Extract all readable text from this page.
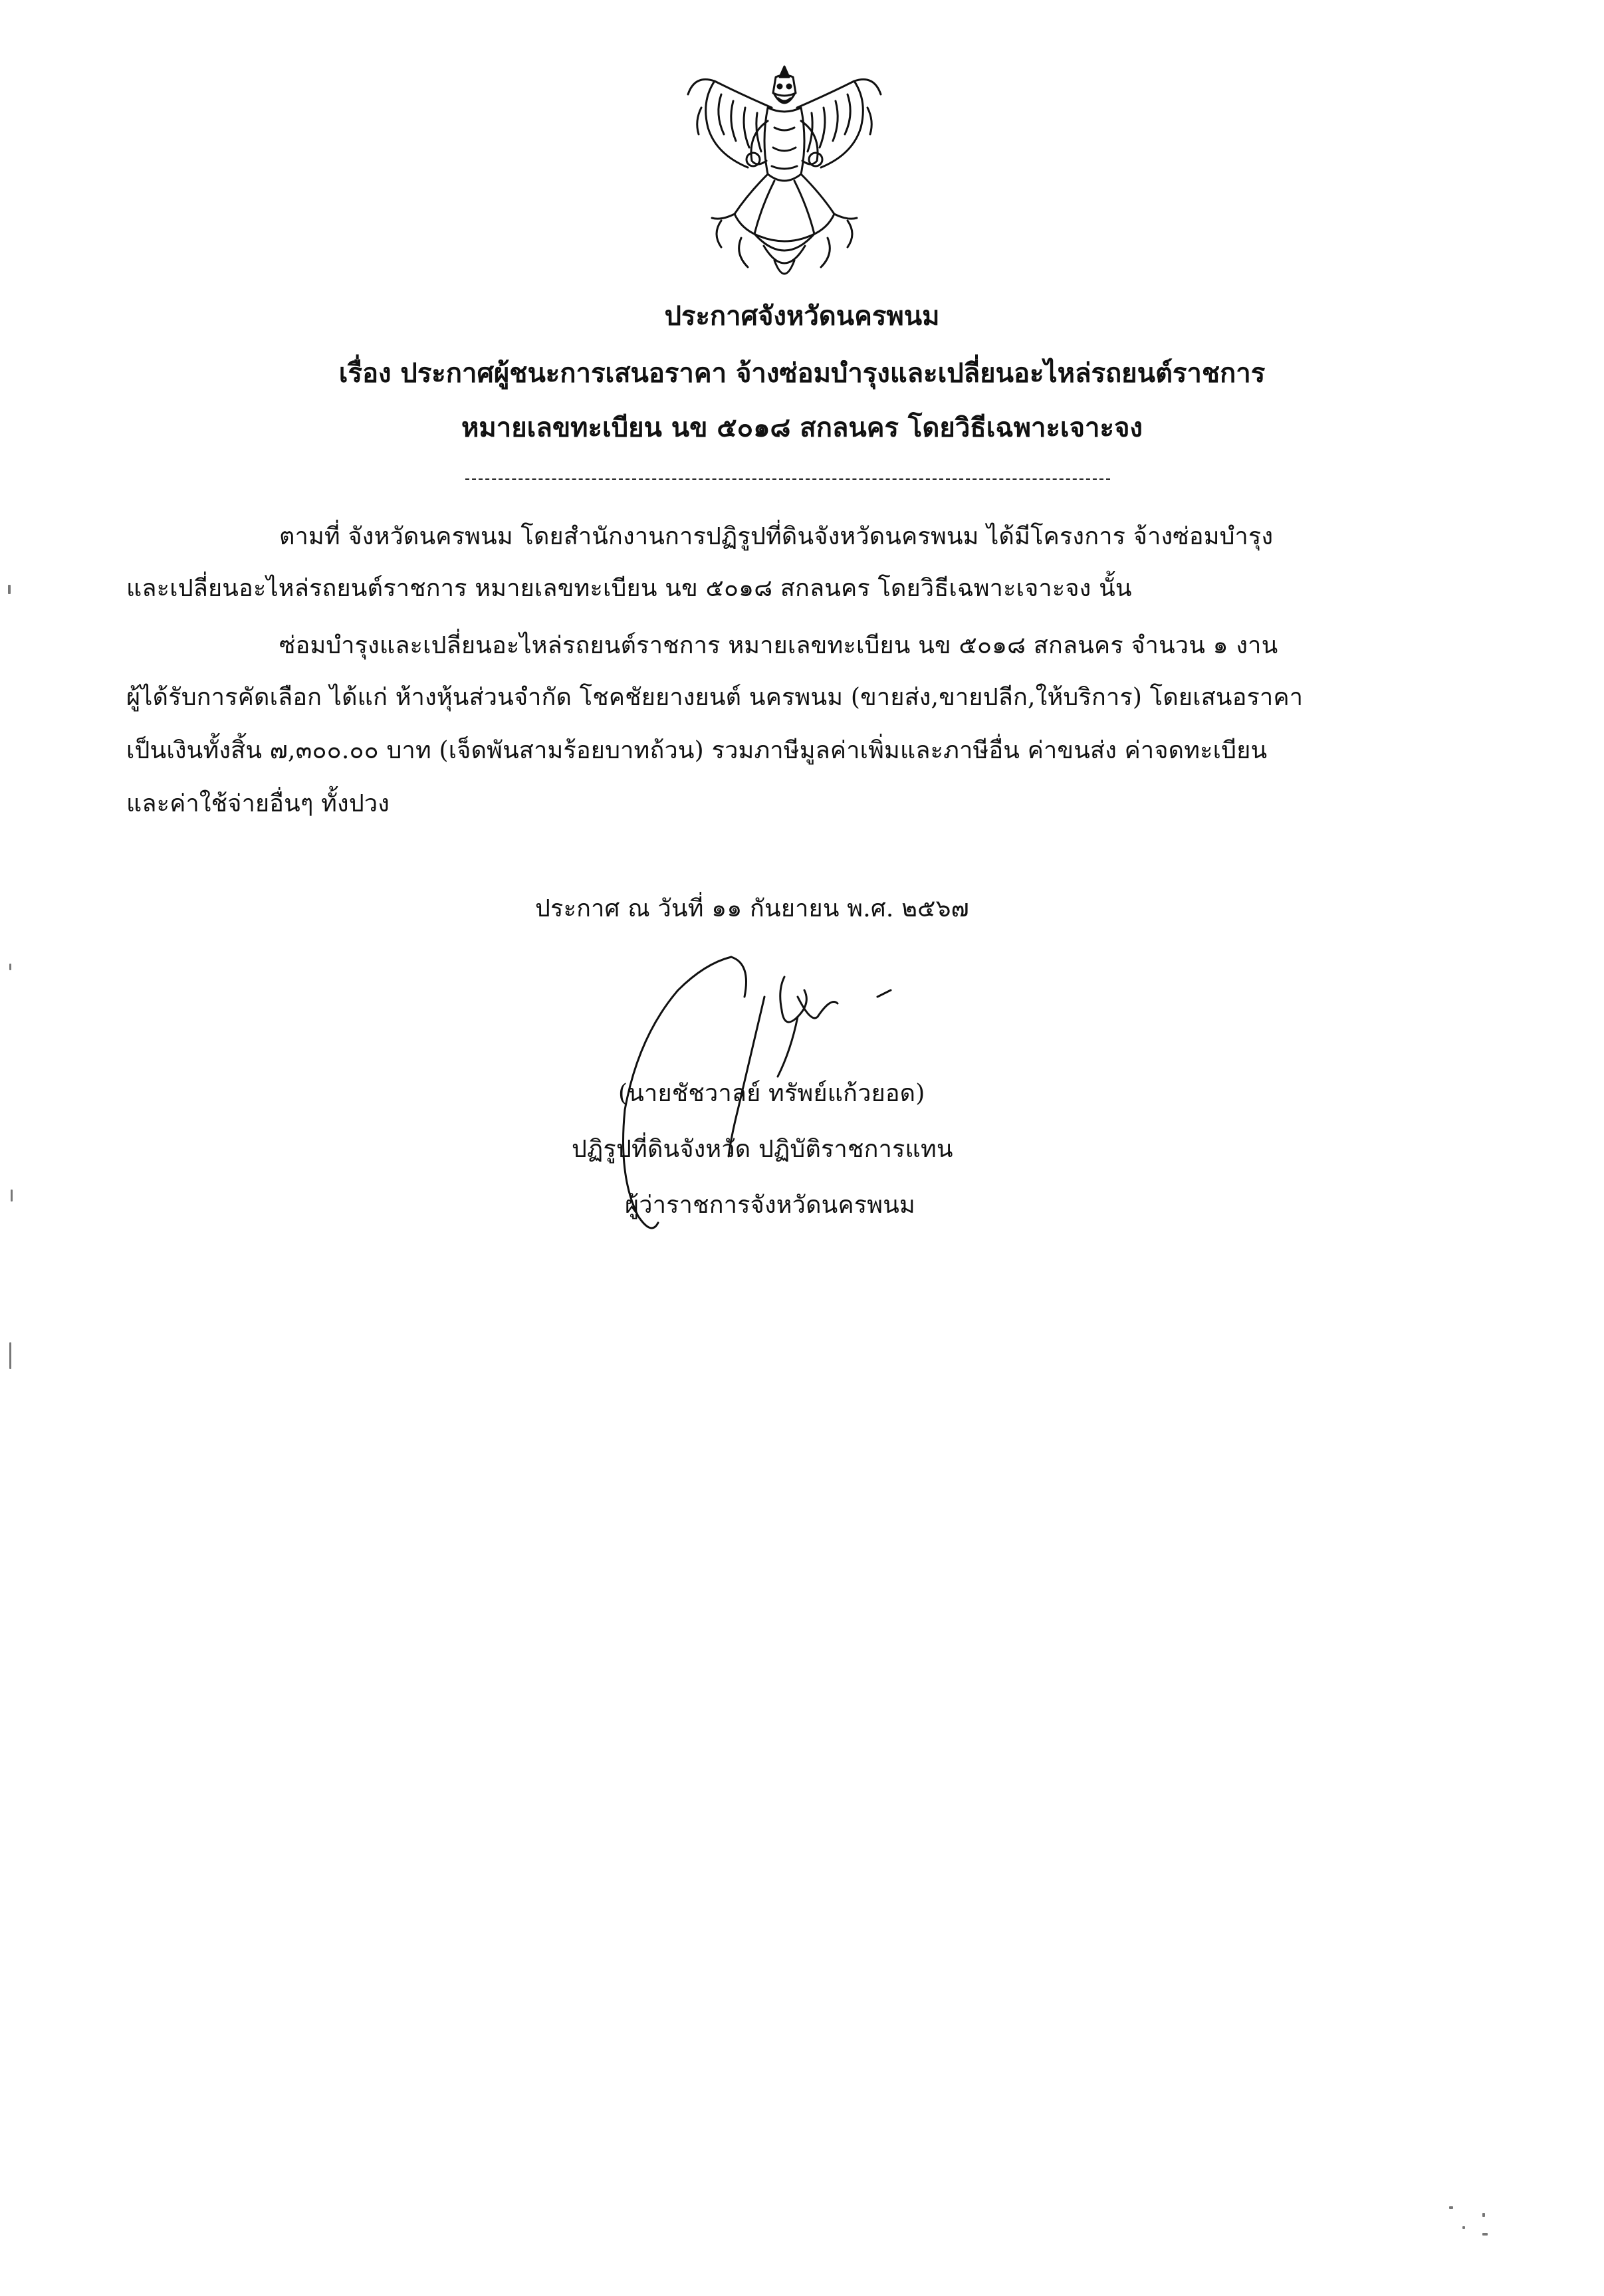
ประกาศจังหวัดนครพนม
เรื่อง ประกาศผู้ชนะการเสนอราคา จ้างซ่อมบำรุงและเปลี่ยนอะไหล่รถยนต์ราชการ
หมายเลขทะเบียน นข ๕๐๑๘ สกลนคร โดยวิธีเฉพาะเจาะจง
ตามที่ จังหวัดนครพนม โดยสำนักงานการปฏิรูปที่ดินจังหวัดนครพนม ได้มีโครงการ จ้างซ่อมบำรุง
และเปลี่ยนอะไหล่รถยนต์ราชการ หมายเลขทะเบียน นข ๕๐๑๘ สกลนคร โดยวิธีเฉพาะเจาะจง นั้น
ซ่อมบำรุงและเปลี่ยนอะไหล่รถยนต์ราชการ หมายเลขทะเบียน นข ๕๐๑๘ สกลนคร จำนวน ๑ งาน
ผู้ได้รับการคัดเลือก ได้แก่ ห้างหุ้นส่วนจำกัด โชคชัยยางยนต์ นครพนม (ขายส่ง,ขายปลีก,ให้บริการ) โดยเสนอราคา
เป็นเงินทั้งสิ้น ๗,๓๐๐.๐๐ บาท (เจ็ดพันสามร้อยบาทถ้วน) รวมภาษีมูลค่าเพิ่มและภาษีอื่น ค่าขนส่ง ค่าจดทะเบียน
และค่าใช้จ่ายอื่นๆ ทั้งปวง
ประกาศ ณ วันที่ ๑๑ กันยายน พ.ศ. ๒๕๖๗
(นายชัชวาลย์ ทรัพย์แก้วยอด)
ปฏิรูปที่ดินจังหวัด ปฏิบัติราชการแทน
ผู้ว่าราชการจังหวัดนครพนม
